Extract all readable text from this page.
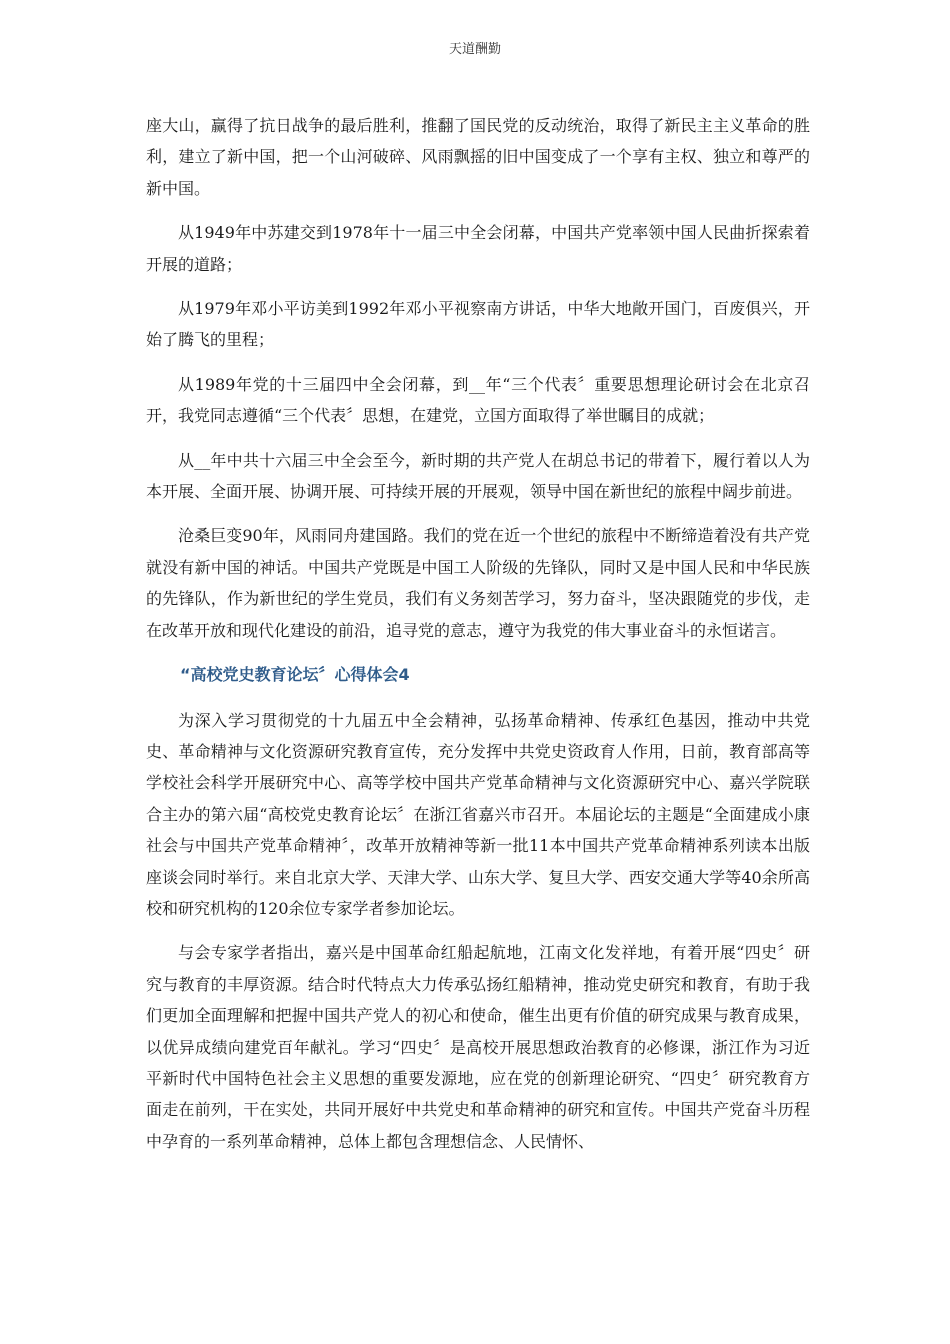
天道酬勤

座大山，赢得了抗日战争的最后胜利，推翻了国民党的反动统治，取得了新民主主义革命的胜利，建立了新中国，把一个山河破碎、风雨飘摇的旧中国变成了一个享有主权、独立和尊严的新中国。

从1949年中苏建交到1978年十一届三中全会闭幕，中国共产党率领中国人民曲折探索着开展的道路；

从1979年邓小平访美到1992年邓小平视察南方讲话，中华大地敞开国门，百废俱兴，开始了腾飞的里程；

从1989年党的十三届四中全会闭幕，到__年“三个代表〞重要思想理论研讨会在北京召开，我党同志遵循“三个代表〞思想，在建党，立国方面取得了举世瞩目的成就；

从__年中共十六届三中全会至今，新时期的共产党人在胡总书记的带着下，履行着以人为本开展、全面开展、协调开展、可持续开展的开展观，领导中国在新世纪的旅程中阔步前进。

沧桑巨变90年，风雨同舟建国路。我们的党在近一个世纪的旅程中不断缔造着没有共产党就没有新中国的神话。中国共产党既是中国工人阶级的先锋队，同时又是中国人民和中华民族的先锋队，作为新世纪的学生党员，我们有义务刻苦学习，努力奋斗，坚决跟随党的步伐，走在改革开放和现代化建设的前沿，追寻党的意志，遵守为我党的伟大事业奋斗的永恒诺言。

“高校党史教育论坛〞心得体会4

为深入学习贯彻党的十九届五中全会精神，弘扬革命精神、传承红色基因，推动中共党史、革命精神与文化资源研究教育宣传，充分发挥中共党史资政育人作用，日前，教育部高等学校社会科学开展研究中心、高等学校中国共产党革命精神与文化资源研究中心、嘉兴学院联合主办的第六届“高校党史教育论坛〞在浙江省嘉兴市召开。本届论坛的主题是“全面建成小康社会与中国共产党革命精神〞，改革开放精神等新一批11本中国共产党革命精神系列读本出版座谈会同时举行。来自北京大学、天津大学、山东大学、复旦大学、西安交通大学等40余所高校和研究机构的120余位专家学者参加论坛。

与会专家学者指出，嘉兴是中国革命红船起航地，江南文化发祥地，有着开展“四史〞研究与教育的丰厚资源。结合时代特点大力传承弘扬红船精神，推动党史研究和教育，有助于我们更加全面理解和把握中国共产党人的初心和使命，催生出更有价值的研究成果与教育成果，以优异成绩向建党百年献礼。学习“四史〞是高校开展思想政治教育的必修课，浙江作为习近平新时代中国特色社会主义思想的重要发源地，应在党的创新理论研究、“四史〞研究教育方面走在前列，干在实处，共同开展好中共党史和革命精神的研究和宣传。中国共产党奋斗历程中孕育的一系列革命精神，总体上都包含理想信念、人民情怀、
